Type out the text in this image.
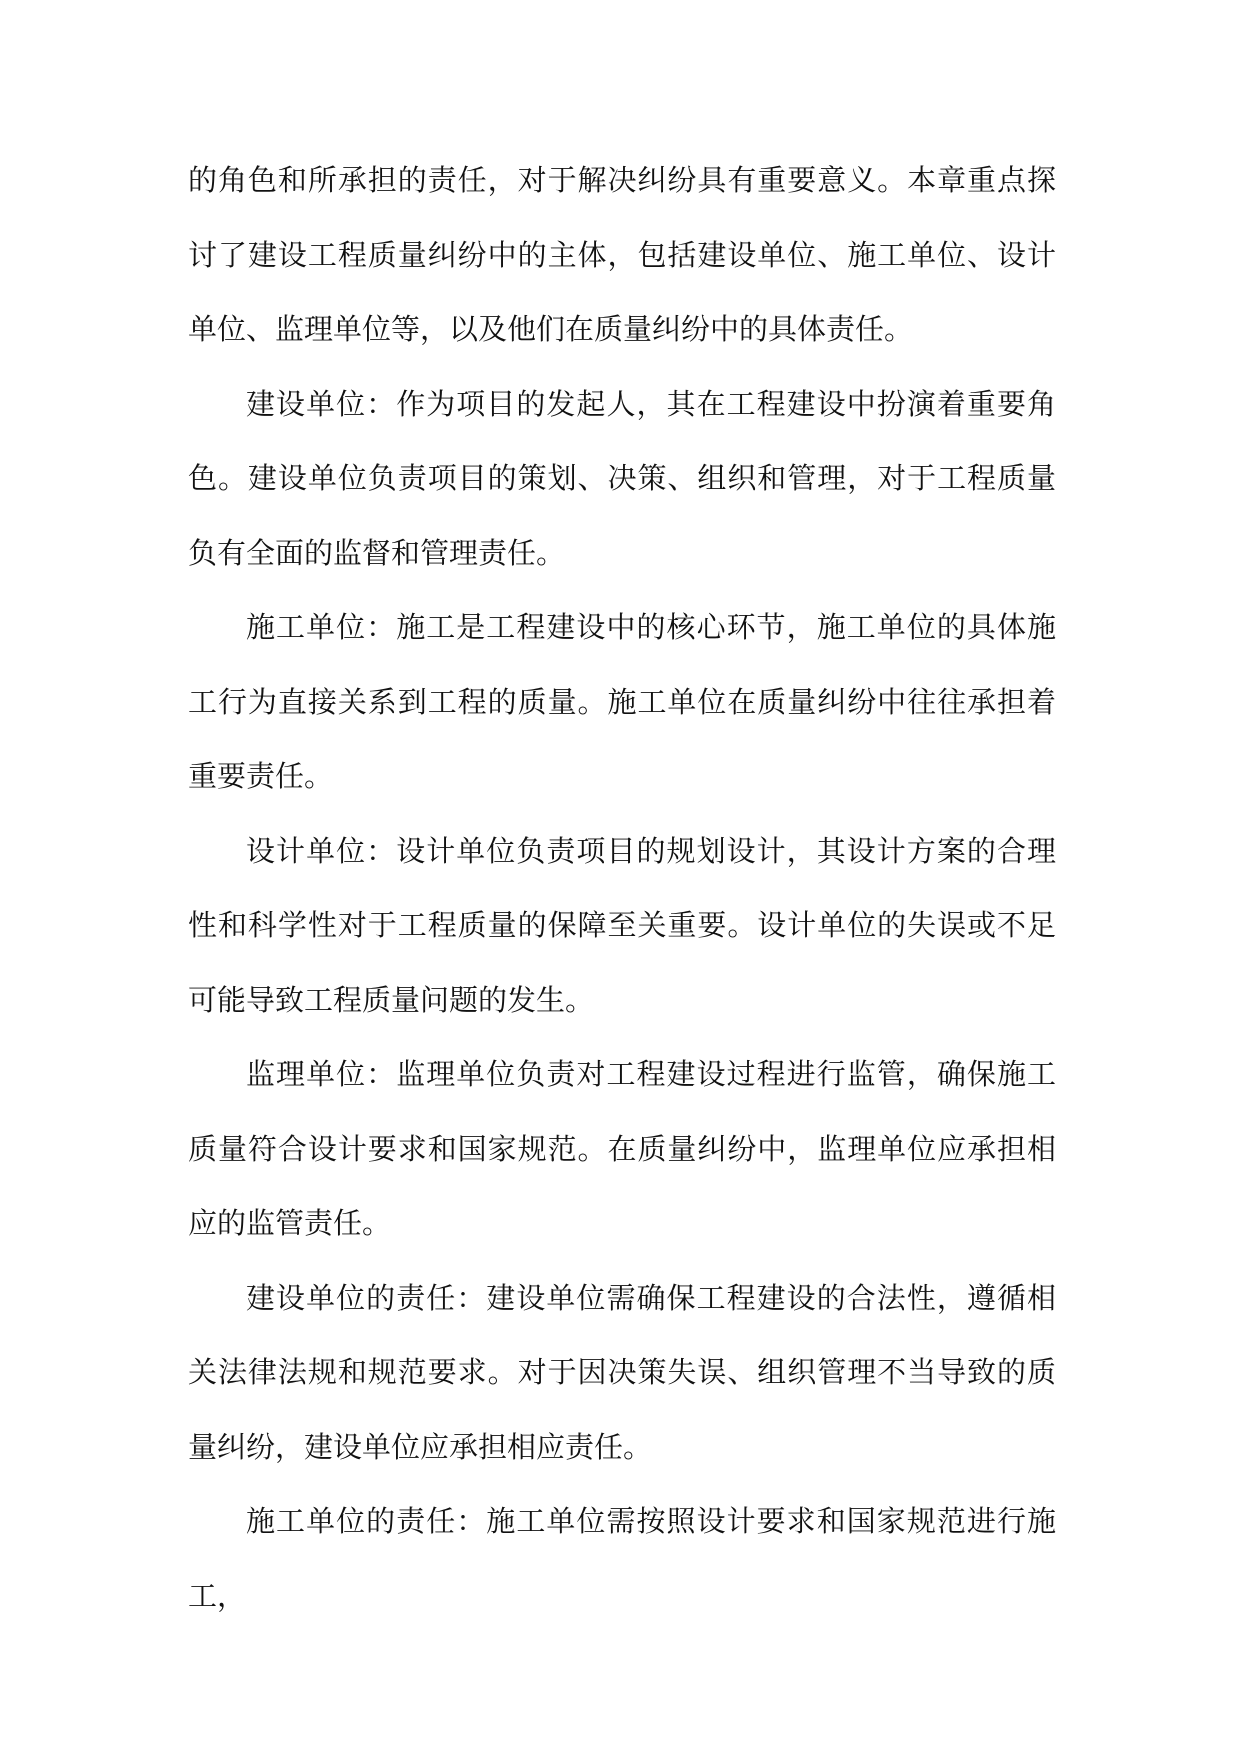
的角色和所承担的责任，对于解决纠纷具有重要意义。本章重点探讨了建设工程质量纠纷中的主体，包括建设单位、施工单位、设计单位、监理单位等，以及他们在质量纠纷中的具体责任。

建设单位：作为项目的发起人，其在工程建设中扮演着重要角色。建设单位负责项目的策划、决策、组织和管理，对于工程质量负有全面的监督和管理责任。

施工单位：施工是工程建设中的核心环节，施工单位的具体施工行为直接关系到工程的质量。施工单位在质量纠纷中往往承担着重要责任。

设计单位：设计单位负责项目的规划设计，其设计方案的合理性和科学性对于工程质量的保障至关重要。设计单位的失误或不足可能导致工程质量问题的发生。

监理单位：监理单位负责对工程建设过程进行监管，确保施工质量符合设计要求和国家规范。在质量纠纷中，监理单位应承担相应的监管责任。

建设单位的责任：建设单位需确保工程建设的合法性，遵循相关法律法规和规范要求。对于因决策失误、组织管理不当导致的质量纠纷，建设单位应承担相应责任。

施工单位的责任：施工单位需按照设计要求和国家规范进行施工，
